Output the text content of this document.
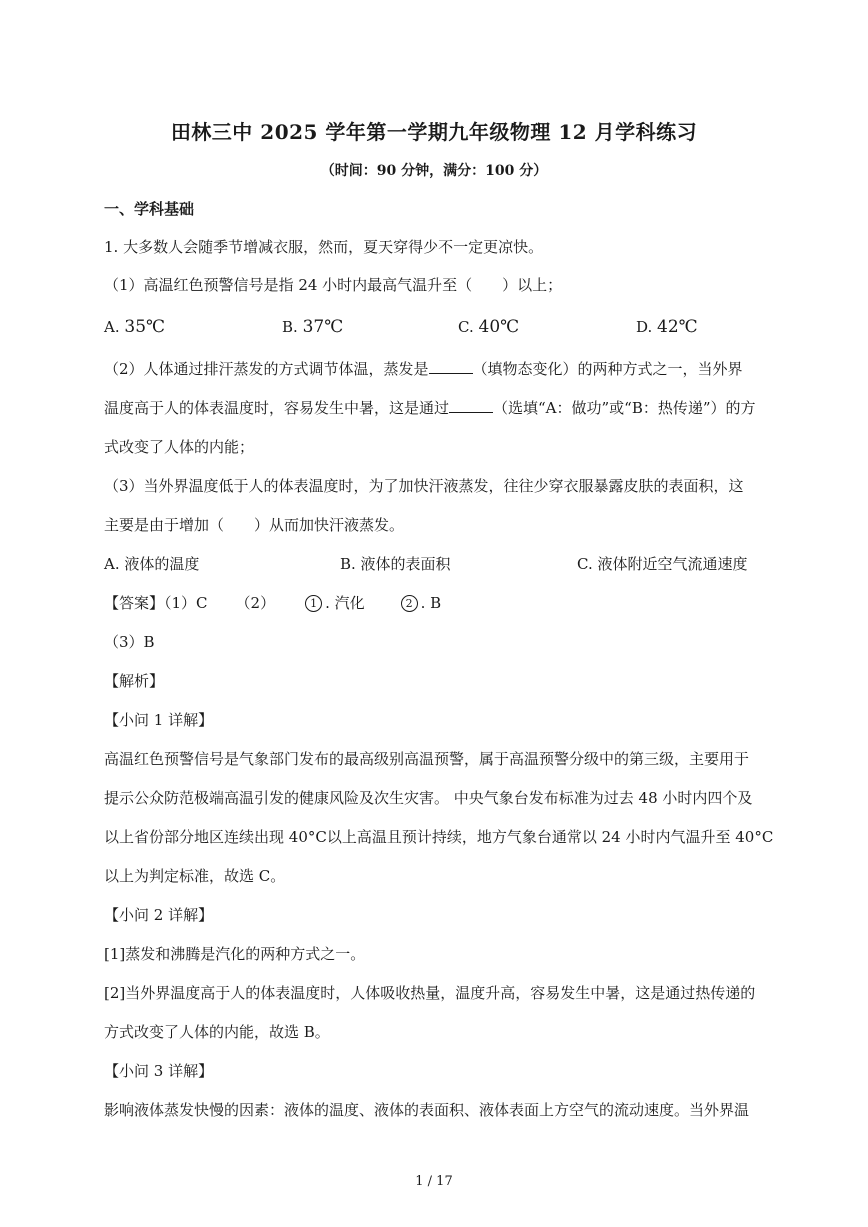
田林三中 2025 学年第一学期九年级物理 12 月学科练习
（时间：90 分钟，满分：100 分）
一、学科基础
1. 大多数人会随季节增减衣服，然而，夏天穿得少不一定更凉快。
（1）高温红色预警信号是指 24 小时内最高气温升至（　　）以上；
A. 35℃	B. 37℃	C. 40℃	D. 42℃
（2）人体通过排汗蒸发的方式调节体温，蒸发是	（填物态变化）的两种方式之一，当外界
温度高于人的体表温度时，容易发生中暑，这是通过	（选填“A：做功”或“B：热传递”）的方
式改变了人体的内能；
（3）当外界温度低于人的体表温度时，为了加快汗液蒸发，往往少穿衣服暴露皮肤的表面积，这
主要是由于增加（　　）从而加快汗液蒸发。
A. 液体的温度	B. 液体的表面积	C. 液体附近空气流通速度
【答案】（1）C （2）	1 . 汽化	2 . B
（3）B
【解析】
【小问 1 详解】
高温红色预警信号是气象部门发布的最高级别高温预警，属于高温预警分级中的第三级，主要用于
提示公众防范极端高温引发的健康风险及次生灾害。 中央气象台发布标准为过去 48 小时内四个及
以上省份部分地区连续出现 40°C以上高温且预计持续，地方气象台通常以 24 小时内气温升至 40°C
以上为判定标准，故选 C。
【小问 2 详解】
[1]蒸发和沸腾是汽化的两种方式之一。
[2]当外界温度高于人的体表温度时，人体吸收热量，温度升高，容易发生中暑，这是通过热传递的
方式改变了人体的内能，故选 B。
【小问 3 详解】
影响液体蒸发快慢的因素：液体的温度、液体的表面积、液体表面上方空气的流动速度。当外界温
1 / 17
